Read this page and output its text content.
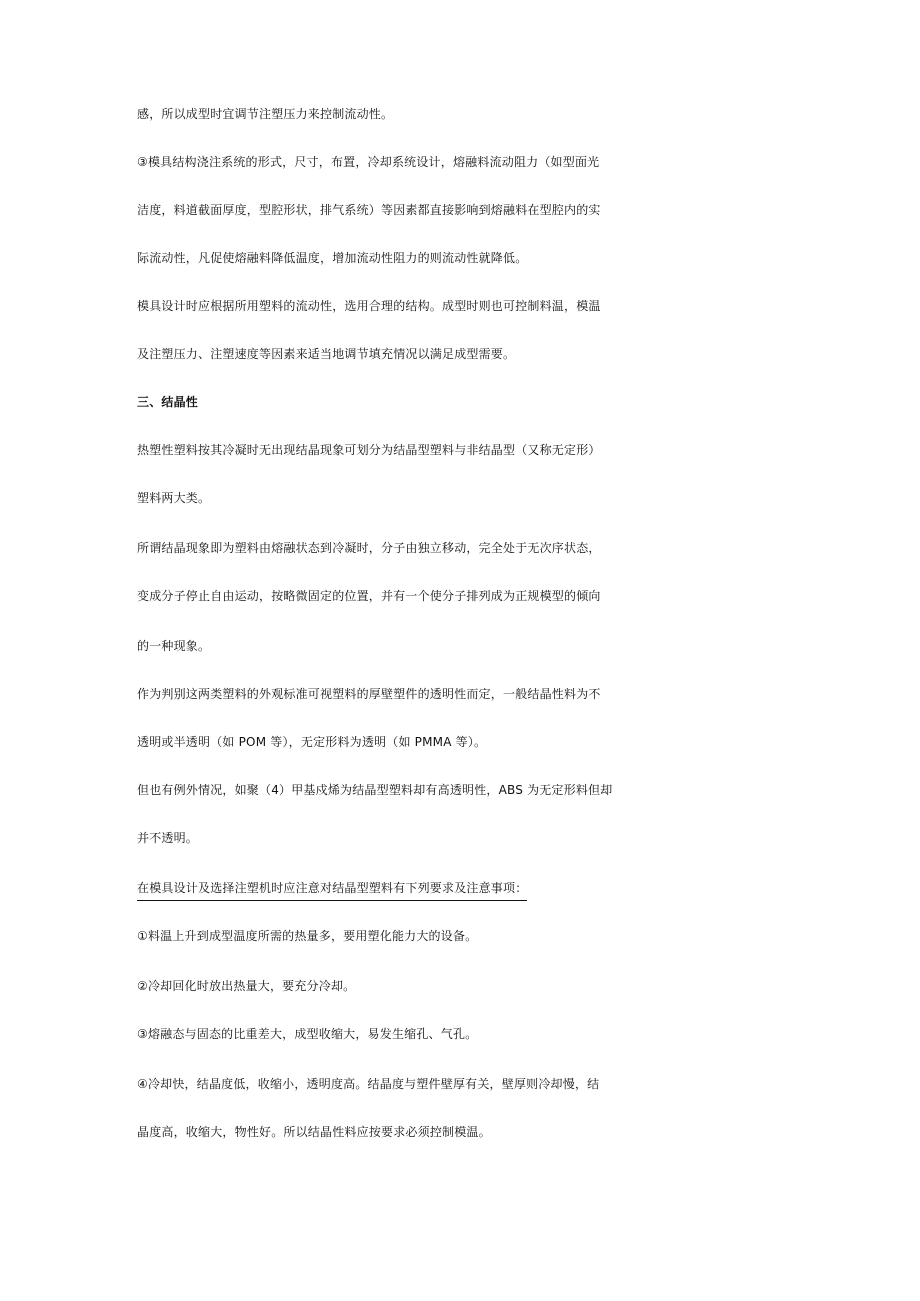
感，所以成型时宜调节注塑压力来控制流动性。
③模具结构浇注系统的形式，尺寸，布置，冷却系统设计，熔融料流动阻力（如型面光
洁度，料道截面厚度，型腔形状，排气系统）等因素都直接影响到熔融料在型腔内的实
际流动性，凡促使熔融料降低温度，增加流动性阻力的则流动性就降低。
模具设计时应根据所用塑料的流动性，选用合理的结构。成型时则也可控制料温，模温
及注塑压力、注塑速度等因素来适当地调节填充情况以满足成型需要。
三、结晶性
热塑性塑料按其冷凝时无出现结晶现象可划分为结晶型塑料与非结晶型（又称无定形）
塑料两大类。
所谓结晶现象即为塑料由熔融状态到冷凝时，分子由独立移动，完全处于无次序状态，
变成分子停止自由运动，按略微固定的位置，并有一个使分子排列成为正规模型的倾向
的一种现象。
作为判别这两类塑料的外观标准可视塑料的厚壁塑件的透明性而定，一般结晶性料为不
透明或半透明（如 POM 等），无定形料为透明（如 PMMA 等）。
但也有例外情况，如聚（4）甲基戍烯为结晶型塑料却有高透明性，ABS 为无定形料但却
并不透明。
在模具设计及选择注塑机时应注意对结晶型塑料有下列要求及注意事项：
①料温上升到成型温度所需的热量多，要用塑化能力大的设备。
②冷却回化时放出热量大，要充分冷却。
③熔融态与固态的比重差大，成型收缩大，易发生缩孔、气孔。
④冷却快，结晶度低，收缩小，透明度高。结晶度与塑件壁厚有关，壁厚则冷却慢，结
晶度高，收缩大，物性好。所以结晶性料应按要求必须控制模温。
